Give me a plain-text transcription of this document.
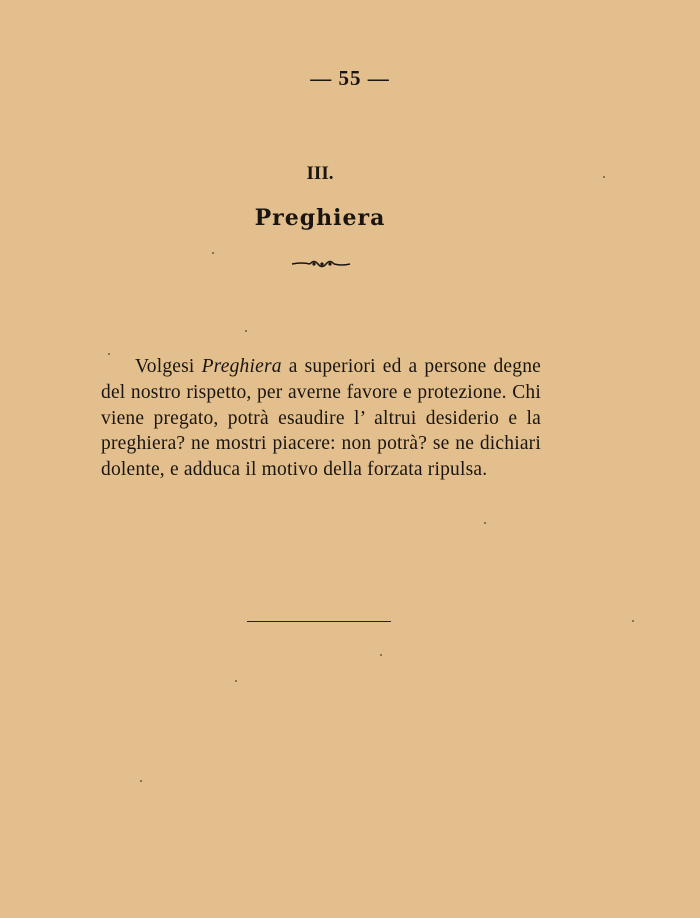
— 55 —
III.
Preghiera

Volgesi Preghiera a superiori ed a persone degne del nostro rispetto, per averne favore e protezione. Chi viene pregato, potrà esaudire l’ altrui desiderio e la preghiera? ne mostri piacere: non potrà? se ne dichiari dolente, e adduca il motivo della forzata ripulsa.
